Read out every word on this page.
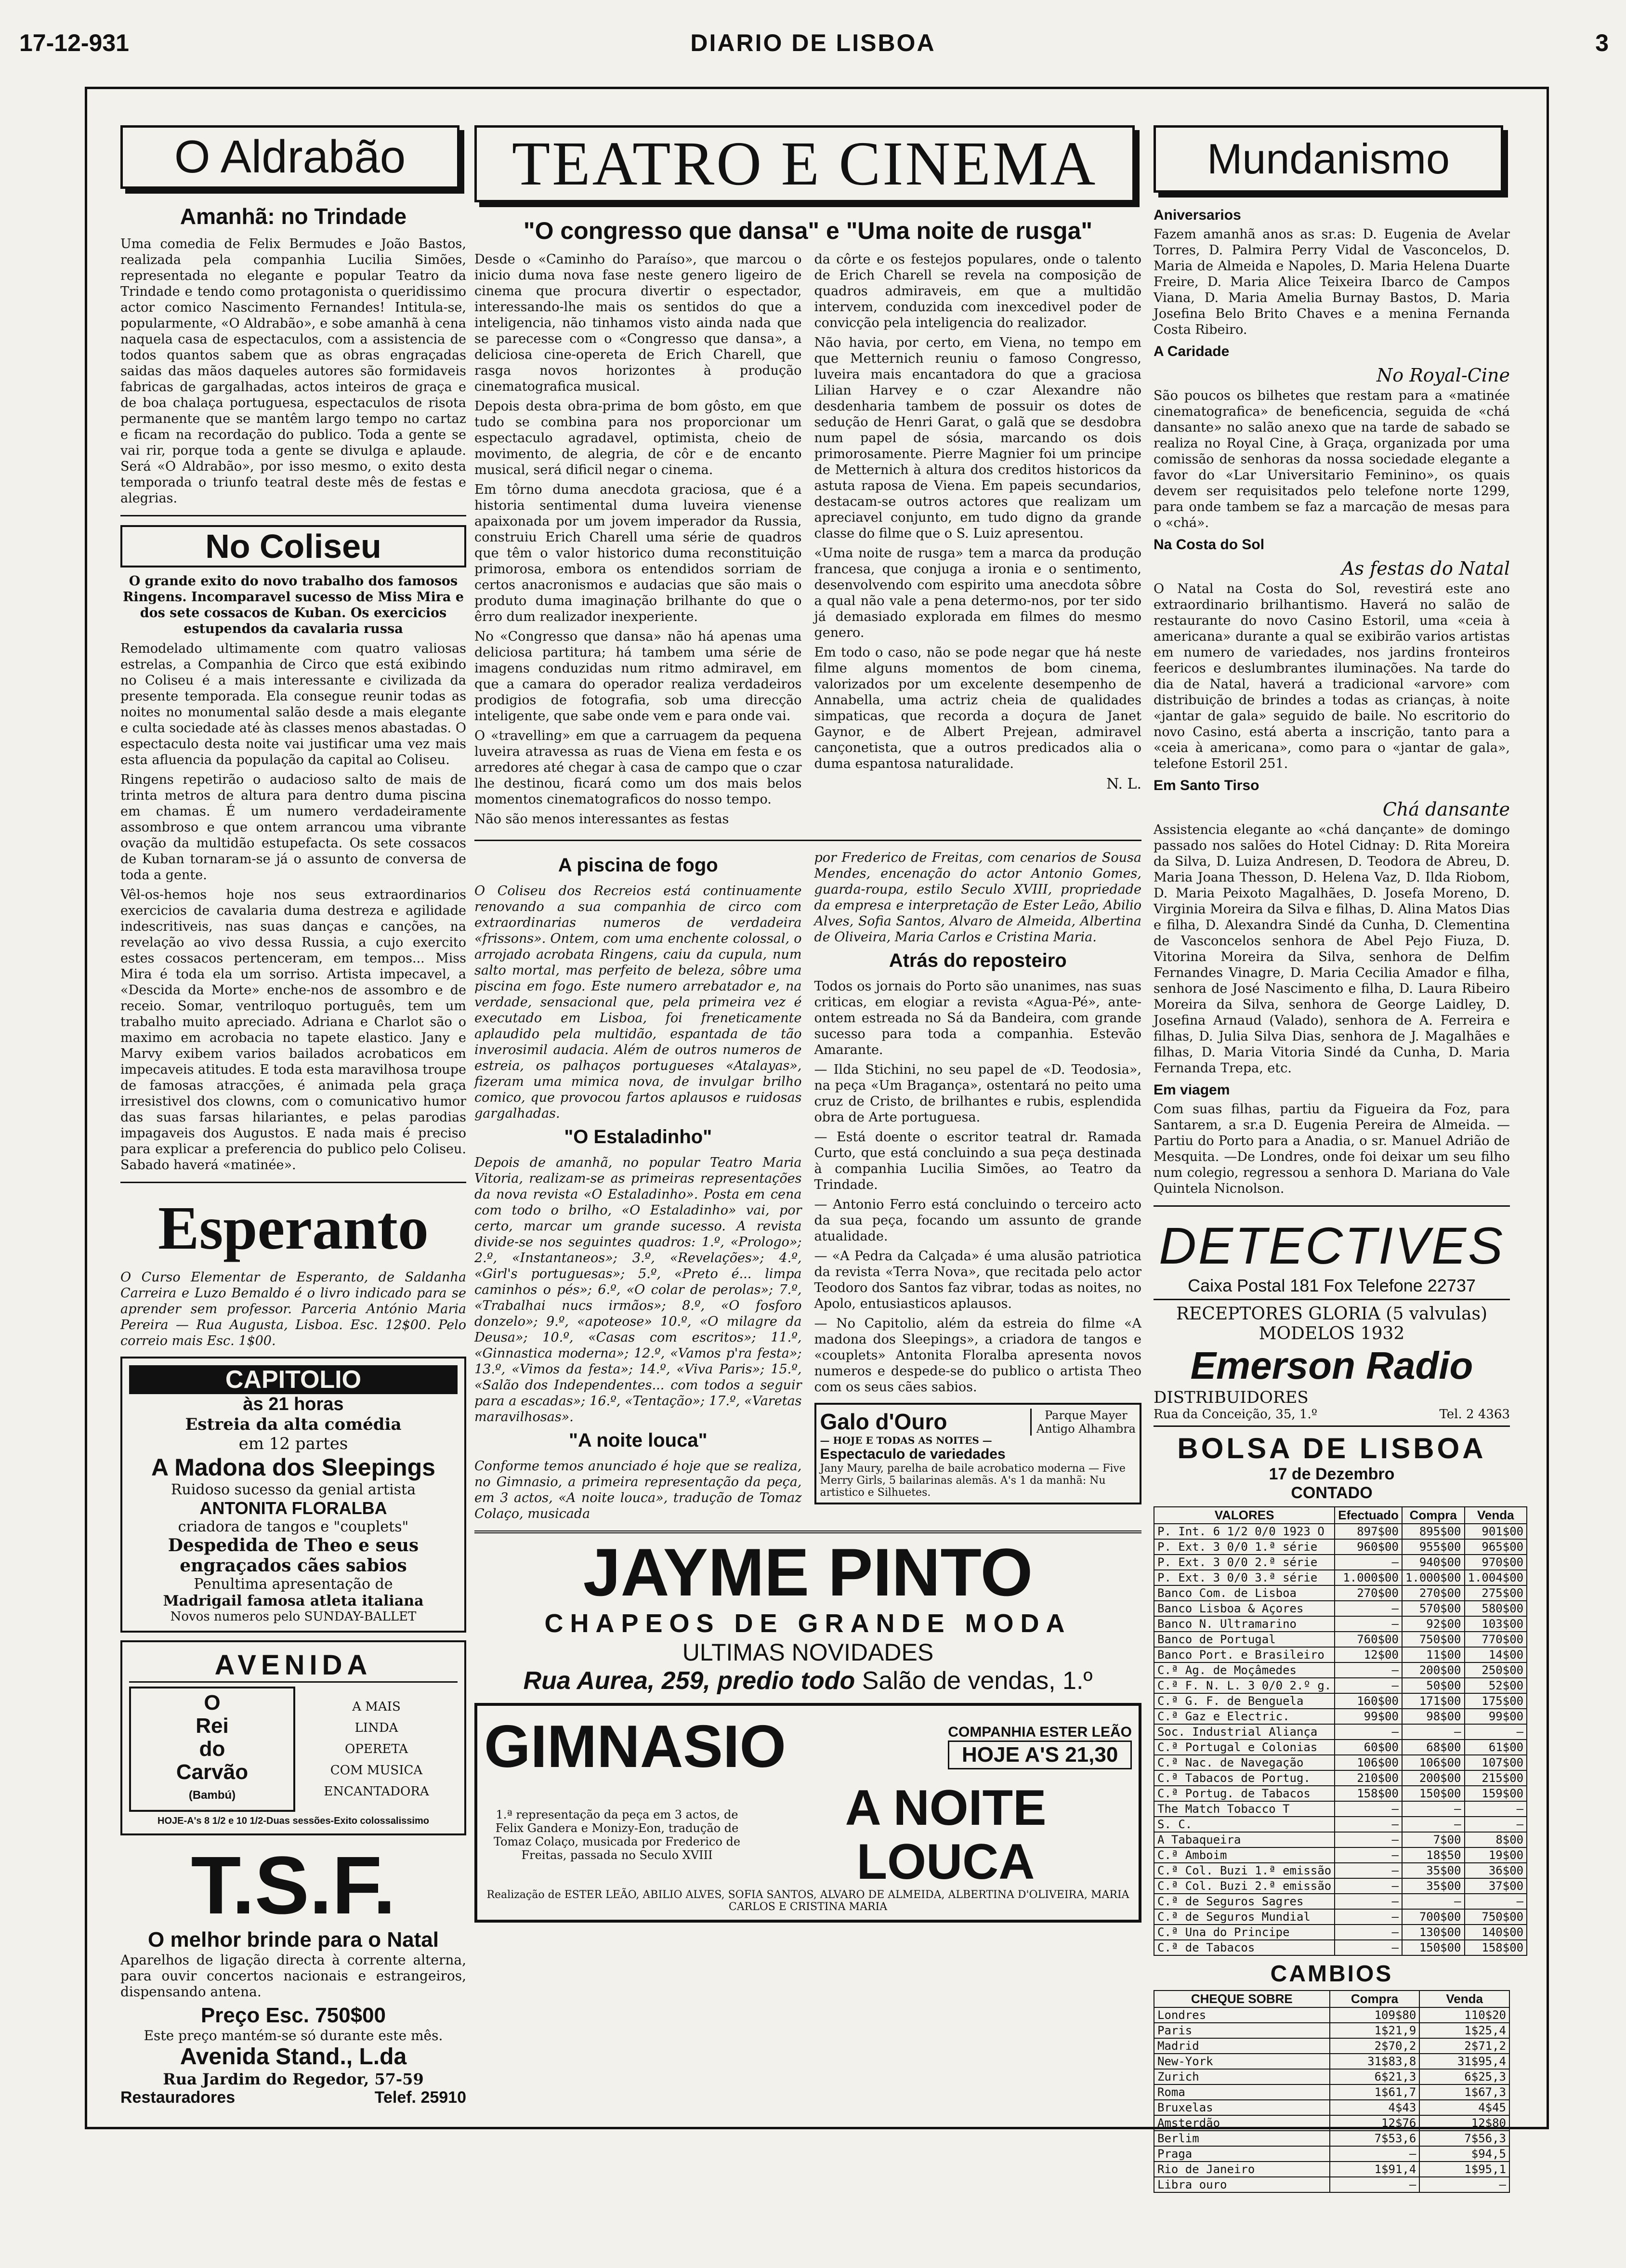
17-12-931	DIARIO DE LISBOA	3
O Aldrabão
Amanhã: no Trindade

Uma comedia de Felix Bermudes e João Bastos, realizada pela companhia Lucilia Simões, representada no elegante e popular Teatro da Trindade e tendo como protagonista o queridissimo actor comico Nascimento Fernandes! Intitula-se, popularmente, «O Aldrabão», e sobe amanhã à cena naquela casa de espectaculos, com a assistencia de todos quantos sabem que as obras engraçadas saidas das mãos daqueles autores são formidaveis fabricas de gargalhadas, actos inteiros de graça e de boa chalaça portuguesa, espectaculos de risota permanente que se mantêm largo tempo no cartaz e ficam na recordação do publico. Toda a gente se vai rir, porque toda a gente se divulga e aplaude. Será «O Aldrabão», por isso mesmo, o exito desta temporada o triunfo teatral deste mês de festas e alegrias.

No Coliseu

O grande exito do novo trabalho dos famosos Ringens. Incomparavel sucesso de Miss Mira e dos sete cossacos de Kuban. Os exercicios estupendos da cavalaria russa

Remodelado ultimamente com quatro valiosas estrelas, a Companhia de Circo que está exibindo no Coliseu é a mais interessante e civilizada da presente temporada. Ela consegue reunir todas as noites no monumental salão desde a mais elegante e culta sociedade até às classes menos abastadas. O espectaculo desta noite vai justificar uma vez mais esta afluencia da população da capital ao Coliseu.

Ringens repetirão o audacioso salto de mais de trinta metros de altura para dentro duma piscina em chamas. É um numero verdadeiramente assombroso e que ontem arrancou uma vibrante ovação da multidão estupefacta. Os sete cossacos de Kuban tornaram-se já o assunto de conversa de toda a gente.

Vêl-os-hemos hoje nos seus extraordinarios exercicios de cavalaria duma destreza e agilidade indescritiveis, nas suas danças e canções, na revelação ao vivo dessa Russia, a cujo exercito estes cossacos pertenceram, em tempos... Miss Mira é toda ela um sorriso. Artista impecavel, a «Descida da Morte» enche-nos de assombro e de receio. Somar, ventriloquo português, tem um trabalho muito apreciado. Adriana e Charlot são o maximo em acrobacia no tapete elastico. Jany e Marvy exibem varios bailados acrobaticos em impecaveis atitudes. E toda esta maravilhosa troupe de famosas atracções, é animada pela graça irresistivel dos clowns, com o comunicativo humor das suas farsas hilariantes, e pelas parodias impagaveis dos Augustos. E nada mais é preciso para explicar a preferencia do publico pelo Coliseu. Sabado haverá «matinée».

Esperanto

O Curso Elementar de Esperanto, de Saldanha Carreira e Luzo Bemaldo é o livro indicado para se aprender sem professor. Parceria António Maria Pereira — Rua Augusta, Lisboa. Esc. 12$00. Pelo correio mais Esc. 1$00.

CAPITOLIO
às 21 horas
Estreia da alta comédia
em 12 partes
A Madona dos Sleepings
Ruidoso sucesso da genial artista
ANTONITA FLORALBA
criadora de tangos e "couplets"
Despedida de Theo e seus engraçados cães sabios
Penultima apresentação de
Madrigail famosa atleta italiana
Novos numeros pelo SUNDAY-BALLET
AVENIDA
O
Rei
do
Carvão
(Bambú)
A MAIS
LINDA
OPERETA
COM MUSICA
ENCANTADORA
HOJE-A's 8 1/2 e 10 1/2-Duas sessões-Exito colossalissimo
T.S.F.
O melhor brinde para o Natal

Aparelhos de ligação directa à corrente alterna, para ouvir concertos nacionais e estrangeiros, dispensando antena.

Preço Esc. 750$00
Este preço mantém-se só durante este mês.
Avenida Stand., L.da
Rua Jardim do Regedor, 57-59
Restauradores	Telef. 25910
TEATRO E CINEMA
"O congresso que dansa" e "Uma noite de rusga"

Desde o «Caminho do Paraíso», que marcou o inicio duma nova fase neste genero ligeiro de cinema que procura divertir o espectador, interessando-lhe mais os sentidos do que a inteligencia, não tinhamos visto ainda nada que se parecesse com o «Congresso que dansa», a deliciosa cine-opereta de Erich Charell, que rasga novos horizontes à produção cinematografica musical.

Depois desta obra-prima de bom gôsto, em que tudo se combina para nos proporcionar um espectaculo agradavel, optimista, cheio de movimento, de alegria, de côr e de encanto musical, será dificil negar o cinema.

Em tôrno duma anecdota graciosa, que é a historia sentimental duma luveira vienense apaixonada por um jovem imperador da Russia, construiu Erich Charell uma série de quadros que têm o valor historico duma reconstituição primorosa, embora os entendidos sorriam de certos anacronismos e audacias que são mais o produto duma imaginação brilhante do que o êrro dum realizador inexperiente.

No «Congresso que dansa» não há apenas uma deliciosa partitura; há tambem uma série de imagens conduzidas num ritmo admiravel, em que a camara do operador realiza verdadeiros prodigios de fotografia, sob uma direcção inteligente, que sabe onde vem e para onde vai.

O «travelling» em que a carruagem da pequena luveira atravessa as ruas de Viena em festa e os arredores até chegar à casa de campo que o czar lhe destinou, ficará como um dos mais belos momentos cinematograficos do nosso tempo.

Não são menos interessantes as festas

da côrte e os festejos populares, onde o talento de Erich Charell se revela na composição de quadros admiraveis, em que a multidão intervem, conduzida com inexcedivel poder de convicção pela inteligencia do realizador.

Não havia, por certo, em Viena, no tempo em que Metternich reuniu o famoso Congresso, luveira mais encantadora do que a graciosa Lilian Harvey e o czar Alexandre não desdenharia tambem de possuir os dotes de sedução de Henri Garat, o galã que se desdobra num papel de sósia, marcando os dois primorosamente. Pierre Magnier foi um principe de Metternich à altura dos creditos historicos da astuta raposa de Viena. Em papeis secundarios, destacam-se outros actores que realizam um apreciavel conjunto, em tudo digno da grande classe do filme que o S. Luiz apresentou.

«Uma noite de rusga» tem a marca da produção francesa, que conjuga a ironia e o sentimento, desenvolvendo com espirito uma anecdota sôbre a qual não vale a pena determo-nos, por ter sido já demasiado explorada em filmes do mesmo genero.

Em todo o caso, não se pode negar que há neste filme alguns momentos de bom cinema, valorizados por um excelente desempenho de Annabella, uma actriz cheia de qualidades simpaticas, que recorda a doçura de Janet Gaynor, e de Albert Prejean, admiravel cançonetista, que a outros predicados alia o duma espantosa naturalidade.

N. L.
A piscina de fogo

O Coliseu dos Recreios está continuamente renovando a sua companhia de circo com extraordinarias numeros de verdadeira «frissons». Ontem, com uma enchente colossal, o arrojado acrobata Ringens, caiu da cupula, num salto mortal, mas perfeito de beleza, sôbre uma piscina em fogo. Este numero arrebatador e, na verdade, sensacional que, pela primeira vez é executado em Lisboa, foi freneticamente aplaudido pela multidão, espantada de tão inverosimil audacia. Além de outros numeros de estreia, os palhaços portugueses «Atalayas», fizeram uma mimica nova, de invulgar brilho comico, que provocou fartos aplausos e ruidosas gargalhadas.

"O Estaladinho"

Depois de amanhã, no popular Teatro Maria Vitoria, realizam-se as primeiras representações da nova revista «O Estaladinho». Posta em cena com todo o brilho, «O Estaladinho» vai, por certo, marcar um grande sucesso. A revista divide-se nos seguintes quadros: 1.º, «Prologo»; 2.º, «Instantaneos»; 3.º, «Revelações»; 4.º, «Girl's portuguesas»; 5.º, «Preto é... limpa caminhos o pés»; 6.º, «O colar de perolas»; 7.º, «Trabalhai nucs irmãos»; 8.º, «O fosforo donzelo»; 9.º, «apoteose» 10.º, «O milagre da Deusa»; 10.º, «Casas com escritos»; 11.º, «Ginnastica moderna»; 12.º, «Vamos p'ra festa»; 13.º, «Vimos da festa»; 14.º, «Viva Paris»; 15.º, «Salão dos Independentes... com todos a seguir para a escadas»; 16.º, «Tentação»; 17.º, «Varetas maravilhosas».

"A noite louca"

Conforme temos anunciado é hoje que se realiza, no Gimnasio, a primeira representação da peça, em 3 actos, «A noite louca», tradução de Tomaz Colaço, musicada

por Frederico de Freitas, com cenarios de Sousa Mendes, encenação do actor Antonio Gomes, guarda-roupa, estilo Seculo XVIII, propriedade da empresa e interpretação de Ester Leão, Abilio Alves, Sofia Santos, Alvaro de Almeida, Albertina de Oliveira, Maria Carlos e Cristina Maria.

Atrás do reposteiro

Todos os jornais do Porto são unanimes, nas suas criticas, em elogiar a revista «Agua-Pé», ante-ontem estreada no Sá da Bandeira, com grande sucesso para toda a companhia. Estevão Amarante.

— Ilda Stichini, no seu papel de «D. Teodosia», na peça «Um Bragança», ostentará no peito uma cruz de Cristo, de brilhantes e rubis, esplendida obra de Arte portuguesa.

— Está doente o escritor teatral dr. Ramada Curto, que está concluindo a sua peça destinada à companhia Lucilia Simões, ao Teatro da Trindade.

— Antonio Ferro está concluindo o terceiro acto da sua peça, focando um assunto de grande atualidade.

— «A Pedra da Calçada» é uma alusão patriotica da revista «Terra Nova», que recitada pelo actor Teodoro dos Santos faz vibrar, todas as noites, no Apolo, entusiasticos aplausos.

— No Capitolio, além da estreia do filme «A madona dos Sleepings», a criadora de tangos e «couplets» Antonita Floralba apresenta novos numeros e despede-se do publico o artista Theo com os seus cães sabios.

Galo d'Ouro
— HOJE E TODAS AS NOITES —
Parque Mayer
Antigo Alhambra
Espectaculo de variedades
Jany Maury, parelha de baile acrobatico moderna — Five Merry Girls, 5 bailarinas alemãs. A's 1 da manhã: Nu artistico e Silhuetes.
JAYME PINTO
CHAPEOS DE GRANDE MODA
ULTIMAS NOVIDADES
Rua Aurea, 259, predio todo Salão de vendas, 1.º
GIMNASIO	COMPANHIA ESTER LEÃO
HOJE A'S 21,30
1.ª representação da peça em 3 actos, de Felix Gandera e Monizy-Eon, tradução de Tomaz Colaço, musicada por Frederico de Freitas, passada no Seculo XVIII
A NOITE LOUCA
Realização de ESTER LEÃO, ABILIO ALVES, SOFIA SANTOS, ALVARO DE ALMEIDA, ALBERTINA D'OLIVEIRA, MARIA CARLOS E CRISTINA MARIA
Mundanismo
Aniversarios

Fazem amanhã anos as sr.as: D. Eugenia de Avelar Torres, D. Palmira Perry Vidal de Vasconcelos, D. Maria de Almeida e Napoles, D. Maria Helena Duarte Freire, D. Maria Alice Teixeira Ibarco de Campos Viana, D. Maria Amelia Burnay Bastos, D. Maria Josefina Belo Brito Chaves e a menina Fernanda Costa Ribeiro.

A Caridade
No Royal-Cine

São poucos os bilhetes que restam para a «matinée cinematografica» de beneficencia, seguida de «chá dansante» no salão anexo que na tarde de sabado se realiza no Royal Cine, à Graça, organizada por uma comissão de senhoras da nossa sociedade elegante a favor do «Lar Universitario Feminino», os quais devem ser requisitados pelo telefone norte 1299, para onde tambem se faz a marcação de mesas para o «chá».

Na Costa do Sol
As festas do Natal

O Natal na Costa do Sol, revestirá este ano extraordinario brilhantismo. Haverá no salão de restaurante do novo Casino Estoril, uma «ceia à americana» durante a qual se exibirão varios artistas em numero de variedades, nos jardins fronteiros feericos e deslumbrantes iluminações. Na tarde do dia de Natal, haverá a tradicional «arvore» com distribuição de brindes a todas as crianças, à noite «jantar de gala» seguido de baile. No escritorio do novo Casino, está aberta a inscrição, tanto para a «ceia à americana», como para o «jantar de gala», telefone Estoril 251.

Em Santo Tirso
Chá dansante

Assistencia elegante ao «chá dançante» de domingo passado nos salões do Hotel Cidnay: D. Rita Moreira da Silva, D. Luiza Andresen, D. Teodora de Abreu, D. Maria Joana Thesson, D. Helena Vaz, D. Ilda Riobom, D. Maria Peixoto Magalhães, D. Josefa Moreno, D. Virginia Moreira da Silva e filhas, D. Alina Matos Dias e filha, D. Alexandra Sindé da Cunha, D. Clementina de Vasconcelos senhora de Abel Pejo Fiuza, D. Vitorina Moreira da Silva, senhora de Delfim Fernandes Vinagre, D. Maria Cecilia Amador e filha, senhora de José Nascimento e filha, D. Laura Ribeiro Moreira da Silva, senhora de George Laidley, D. Josefina Arnaud (Valado), senhora de A. Ferreira e filhas, D. Julia Silva Dias, senhora de J. Magalhães e filhas, D. Maria Vitoria Sindé da Cunha, D. Maria Fernanda Trepa, etc.

Em viagem

Com suas filhas, partiu da Figueira da Foz, para Santarem, a sr.a D. Eugenia Pereira de Almeida. —Partiu do Porto para a Anadia, o sr. Manuel Adrião de Mesquita. —De Londres, onde foi deixar um seu filho num colegio, regressou a senhora D. Mariana do Vale Quintela Nicnolson.

DETECTIVES
Caixa Postal 181 Fox Telefone 22737
RECEPTORES GLORIA (5 valvulas) MODELOS 1932
Emerson Radio
DISTRIBUIDORES
Rua da Conceição, 35, 1.º	Tel. 2 4363
BOLSA DE LISBOA
17 de Dezembro
CONTADO
VALORES	Efectuado	Compra	Venda
P. Int. 6 1/2 0/0 1923 O	897$00	895$00	901$00
P. Ext. 3 0/0 1.ª série	960$00	955$00	965$00
P. Ext. 3 0/0 2.ª série	—	940$00	970$00
P. Ext. 3 0/0 3.ª série	1.000$00	1.000$00	1.004$00
Banco Com. de Lisboa	270$00	270$00	275$00
Banco Lisboa & Açores	—	570$00	580$00
Banco N. Ultramarino	—	92$00	103$00
Banco de Portugal	760$00	750$00	770$00
Banco Port. e Brasileiro	12$00	11$00	14$00
C.ª Ag. de Moçâmedes	—	200$00	250$00
C.ª F. N. L. 3 0/0 2.º g.	—	50$00	52$00
C.ª G. F. de Benguela	160$00	171$00	175$00
C.ª Gaz e Electric.	99$00	98$00	99$00
Soc. Industrial Aliança	—	—	—
C.ª Portugal e Colonias	60$00	68$00	61$00
C.ª Nac. de Navegação	106$00	106$00	107$00
C.ª Tabacos de Portug.	210$00	200$00	215$00
C.ª Portug. de Tabacos	158$00	150$00	159$00
The Match Tobacco T	—	—	—
S. C.	—	—	—
A Tabaqueira	—	7$00	8$00
C.ª Amboim	—	18$50	19$00
C.ª Col. Buzi 1.ª emissão	—	35$00	36$00
C.ª Col. Buzi 2.ª emissão	—	35$00	37$00
C.ª de Seguros Sagres	—	—	—
C.ª de Seguros Mundial	—	700$00	750$00
C.ª Una do Principe	—	130$00	140$00
C.ª de Tabacos	—	150$00	158$00
CAMBIOS
CHEQUE SOBRE	Compra	Venda
Londres	109$80	110$20
Paris	1$21,9	1$25,4
Madrid	2$70,2	2$71,2
New-York	31$83,8	31$95,4
Zurich	6$21,3	6$25,3
Roma	1$61,7	1$67,3
Bruxelas	4$43	4$45
Amsterdão	12$76	12$80
Berlim	7$53,6	7$56,3
Praga	—	$94,5
Rio de Janeiro	1$91,4	1$95,1
Libra ouro	—	—
